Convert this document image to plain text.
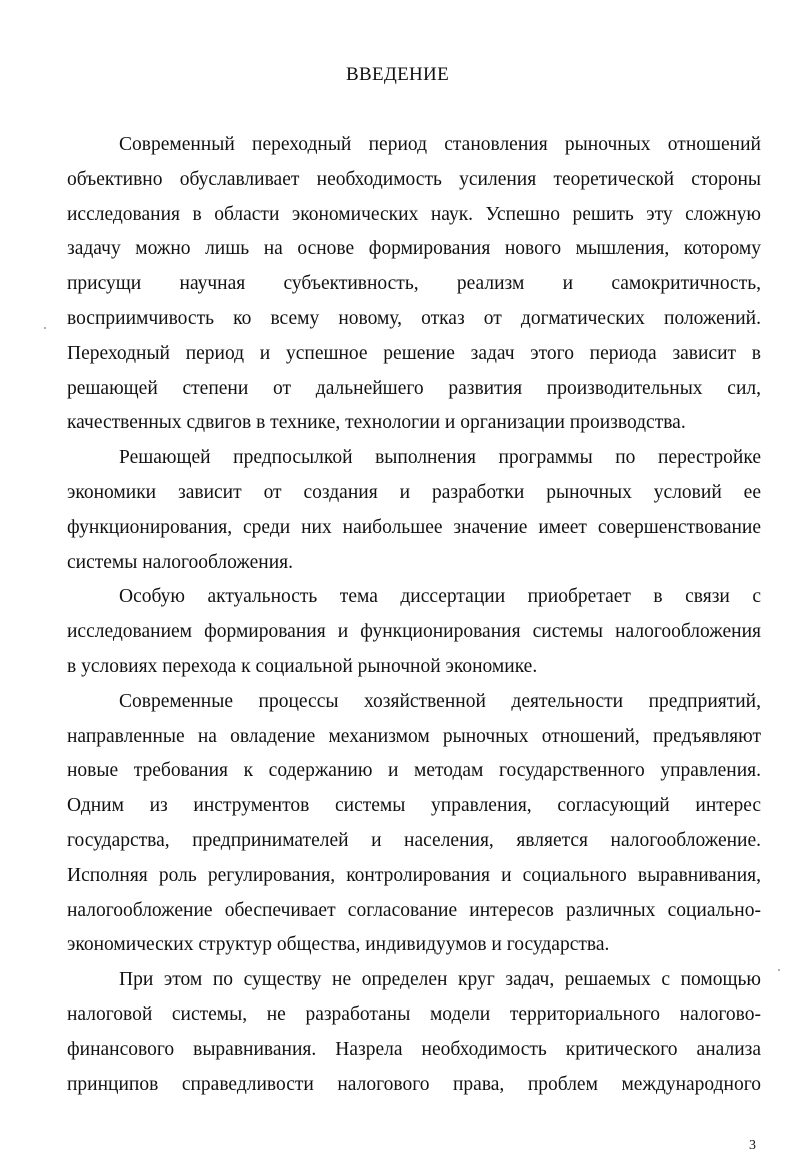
ВВЕДЕНИЕ
Современный переходный период становления рыночных отношений
объективно обуславливает необходимость усиления теоретической стороны
исследования в области экономических наук. Успешно решить эту сложную
задачу можно лишь на основе формирования нового мышления, которому
присущи научная субъективность, реализм и самокритичность,
восприимчивость ко всему новому, отказ от догматических положений.
Переходный период и успешное решение задач этого периода зависит в
решающей степени от дальнейшего развития производительных сил,
качественных сдвигов в технике, технологии и организации производства.
Решающей предпосылкой выполнения программы по перестройке
экономики зависит от создания и разработки рыночных условий ее
функционирования, среди них наибольшее значение имеет совершенствование
системы налогообложения.
Особую актуальность тема диссертации приобретает в связи с
исследованием формирования и функционирования системы налогообложения
в условиях перехода к социальной рыночной экономике.
Современные процессы хозяйственной деятельности предприятий,
направленные на овладение механизмом рыночных отношений, предъявляют
новые требования к содержанию и методам государственного управления.
Одним из инструментов системы управления, согласующий интерес
государства, предпринимателей и населения, является налогообложение.
Исполняя роль регулирования, контролирования и социального выравнивания,
налогообложение обеспечивает согласование интересов различных социально-
экономических структур общества, индивидуумов и государства.
При этом по существу не определен круг задач, решаемых с помощью
налоговой системы, не разработаны модели территориального налогово-
финансового выравнивания. Назрела необходимость критического анализа
принципов справедливости налогового права, проблем международного
3
